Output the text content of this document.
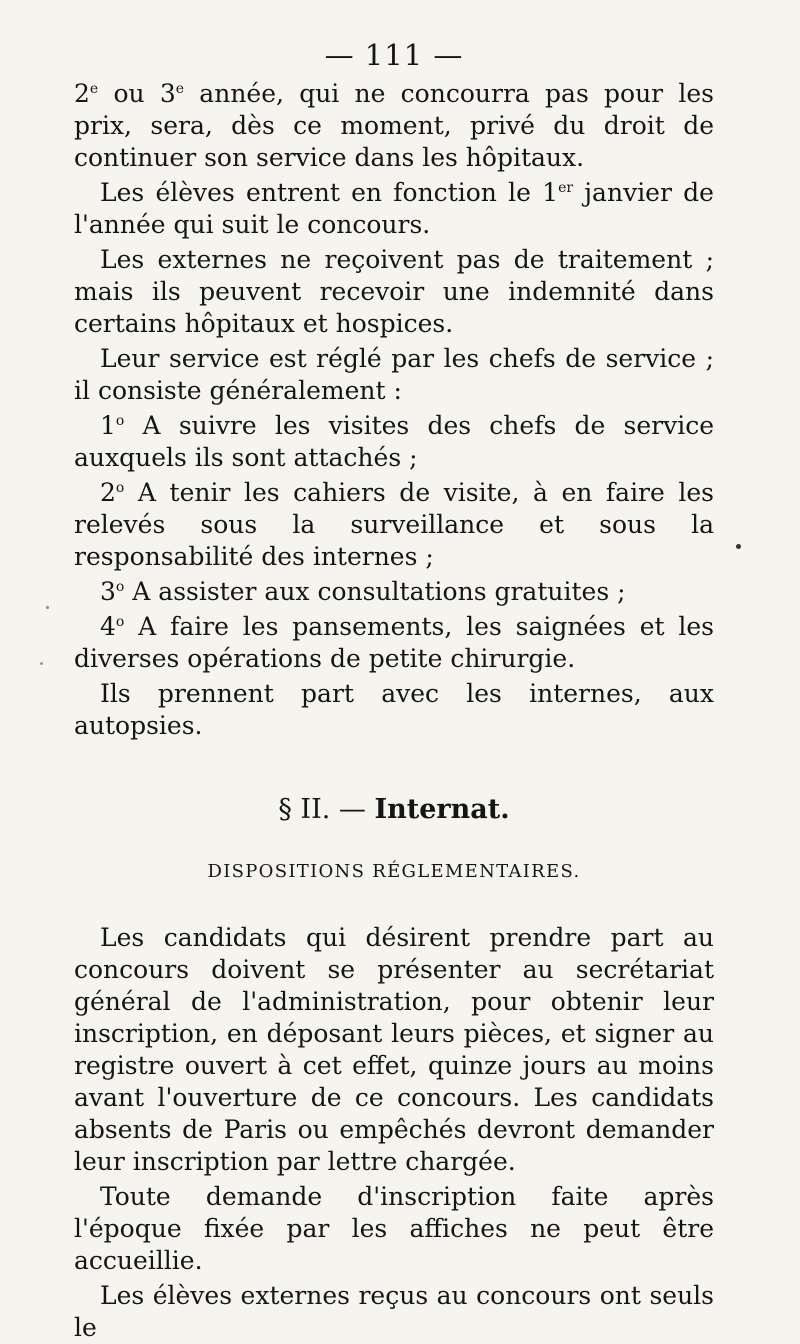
— 111 —

2e ou 3e année, qui ne concourra pas pour les prix, sera, dès ce moment, privé du droit de continuer son service dans les hôpitaux.

Les élèves entrent en fonction le 1er janvier de l'année qui suit le concours.

Les externes ne reçoivent pas de traitement ; mais ils peuvent recevoir une indemnité dans certains hôpitaux et hospices.

Leur service est réglé par les chefs de service ; il consiste généralement :

1$^o$ A suivre les visites des chefs de service auxquels ils sont attachés ;

2$^o$ A tenir les cahiers de visite, à en faire les relevés sous la surveillance et sous la responsabilité des internes ;

3$^o$ A assister aux consultations gratuites ;

4$^o$ A faire les pansements, les saignées et les diverses opérations de petite chirurgie.

Ils prennent part avec les internes, aux autopsies.

§ II. — Internat.
DISPOSITIONS RÉGLEMENTAIRES.

Les candidats qui désirent prendre part au concours doivent se présenter au secrétariat général de l'administration, pour obtenir leur inscription, en déposant leurs pièces, et signer au registre ouvert à cet effet, quinze jours au moins avant l'ouverture de ce concours. Les candidats absents de Paris ou empêchés devront demander leur inscription par lettre chargée.

Toute demande d'inscription faite après l'époque fixée par les affiches ne peut être accueillie.

Les élèves externes reçus au concours ont seuls le
